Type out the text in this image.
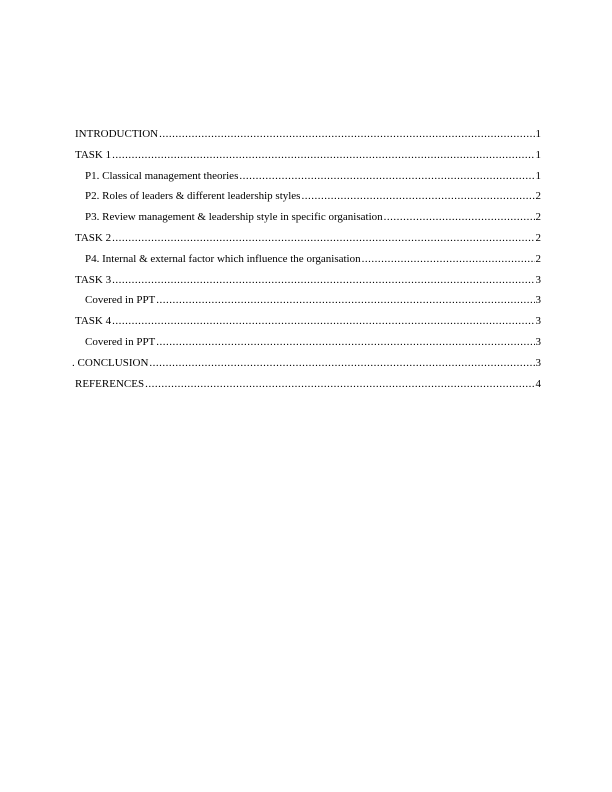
INTRODUCTION .....	1
TASK 1 .....	1
P1. Classical management theories .....	1
P2. Roles of leaders & different leadership styles .....	2
P3. Review management & leadership style in specific organisation .....	2
TASK 2 .....	2
P4. Internal & external factor which influence the organisation .....	2
TASK 3 .....	3
Covered in PPT .....	3
TASK 4 .....	3
Covered in PPT .....	3
. CONCLUSION .....	3
REFERENCES .....	4
